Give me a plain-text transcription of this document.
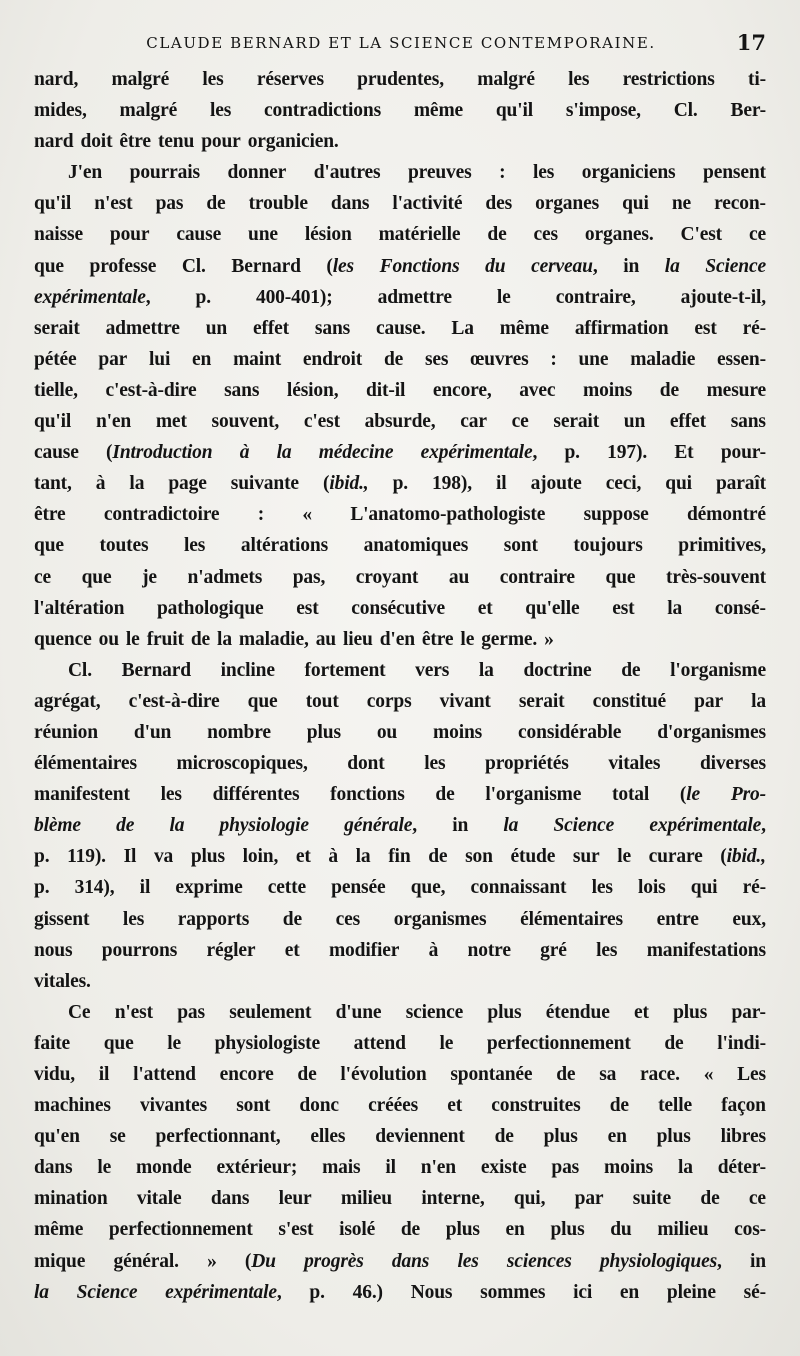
CLAUDE BERNARD ET LA SCIENCE CONTEMPORAINE.	17
nard, malgré les réserves prudentes, malgré les restrictions ti-
mides, malgré les contradictions même qu'il s'impose, Cl. Ber-
nard doit être tenu pour organicien.
J'en pourrais donner d'autres preuves : les organiciens pensent
qu'il n'est pas de trouble dans l'activité des organes qui ne recon-
naisse pour cause une lésion matérielle de ces organes. C'est ce
que professe Cl. Bernard (les Fonctions du cerveau, in la Science
expérimentale, p. 400-401); admettre le contraire, ajoute-t-il,
serait admettre un effet sans cause. La même affirmation est ré-
pétée par lui en maint endroit de ses œuvres : une maladie essen-
tielle, c'est-à-dire sans lésion, dit-il encore, avec moins de mesure
qu'il n'en met souvent, c'est absurde, car ce serait un effet sans
cause (Introduction à la médecine expérimentale, p. 197). Et pour-
tant, à la page suivante (ibid., p. 198), il ajoute ceci, qui paraît
être contradictoire : « L'anatomo-pathologiste suppose démontré
que toutes les altérations anatomiques sont toujours primitives,
ce que je n'admets pas, croyant au contraire que très-souvent
l'altération pathologique est consécutive et qu'elle est la consé-
quence ou le fruit de la maladie, au lieu d'en être le germe. »
Cl. Bernard incline fortement vers la doctrine de l'organisme
agrégat, c'est-à-dire que tout corps vivant serait constitué par la
réunion d'un nombre plus ou moins considérable d'organismes
élémentaires microscopiques, dont les propriétés vitales diverses
manifestent les différentes fonctions de l'organisme total (le Pro-
blème de la physiologie générale, in la Science expérimentale,
p. 119). Il va plus loin, et à la fin de son étude sur le curare (ibid.,
p. 314), il exprime cette pensée que, connaissant les lois qui ré-
gissent les rapports de ces organismes élémentaires entre eux,
nous pourrons régler et modifier à notre gré les manifestations
vitales.
Ce n'est pas seulement d'une science plus étendue et plus par-
faite que le physiologiste attend le perfectionnement de l'indi-
vidu, il l'attend encore de l'évolution spontanée de sa race. « Les
machines vivantes sont donc créées et construites de telle façon
qu'en se perfectionnant, elles deviennent de plus en plus libres
dans le monde extérieur; mais il n'en existe pas moins la déter-
mination vitale dans leur milieu interne, qui, par suite de ce
même perfectionnement s'est isolé de plus en plus du milieu cos-
mique général. » (Du progrès dans les sciences physiologiques, in
la Science expérimentale, p. 46.) Nous sommes ici en pleine sé-
